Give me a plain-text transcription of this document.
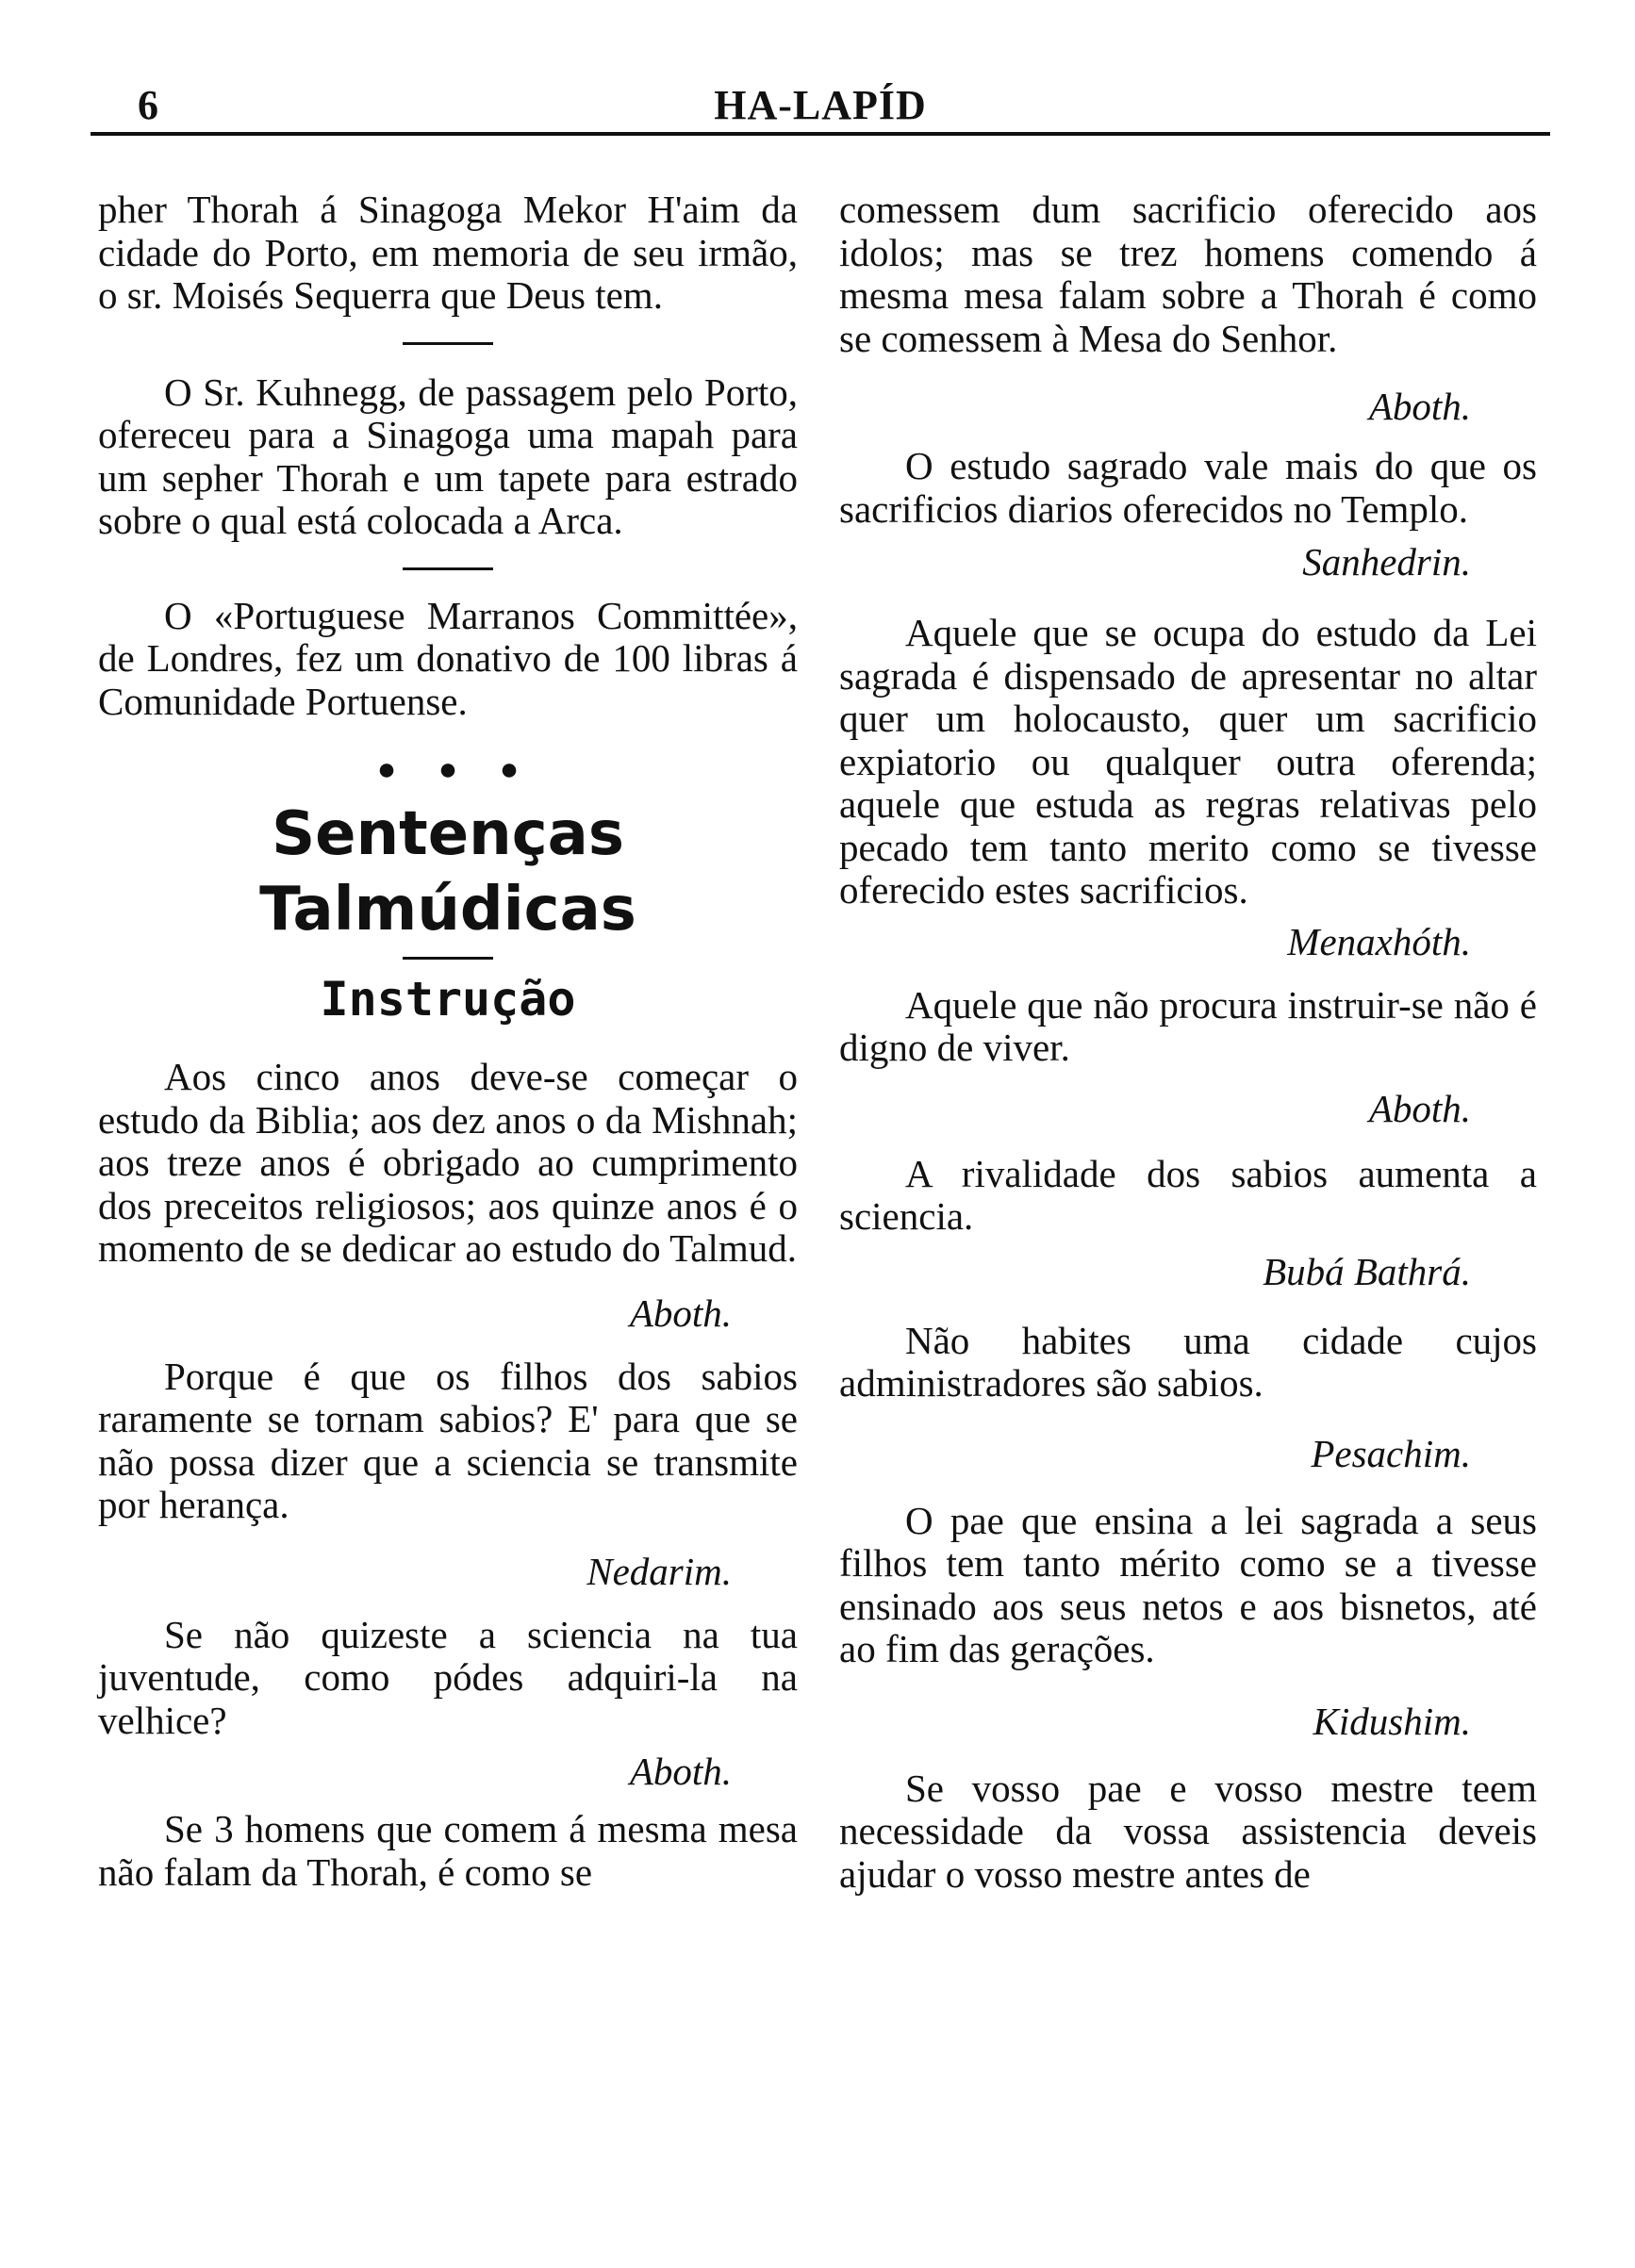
6	HA-LAPÍD

pher Thorah á Sinagoga Mekor H'aim da cidade do Porto, em memoria de seu irmão, o sr. Moisés Sequerra que Deus tem.

O Sr. Kuhnegg, de passagem pelo Porto, ofereceu para a Sinagoga uma mapah para um sepher Thorah e um tapete para estrado sobre o qual está colocada a Arca.

O «Portuguese Marranos Committée», de Londres, fez um donativo de 100 libras á Comunidade Portuense.

● ● ●
Sentenças Talmúdicas
Instrução

Aos cinco anos deve-se começar o estudo da Biblia; aos dez anos o da Mishnah; aos treze anos é obrigado ao cumprimento dos preceitos religiosos; aos quinze anos é o momento de se dedicar ao estudo do Talmud.

Aboth.

Porque é que os filhos dos sabios raramente se tornam sabios? E' para que se não possa dizer que a sciencia se transmite por herança.

Nedarim.

Se não quizeste a sciencia na tua juventude, como pódes adquiri-la na velhice?

Aboth.

Se 3 homens que comem á mesma mesa não falam da Thorah, é como se

comessem dum sacrificio oferecido aos idolos; mas se trez homens comendo á mesma mesa falam sobre a Thorah é como se comessem à Mesa do Senhor.

Aboth.

O estudo sagrado vale mais do que os sacrificios diarios oferecidos no Templo.

Sanhedrin.

Aquele que se ocupa do estudo da Lei sagrada é dispensado de apresentar no altar quer um holocausto, quer um sacrificio expiatorio ou qualquer outra oferenda; aquele que estuda as regras relativas pelo pecado tem tanto merito como se tivesse oferecido estes sacrificios.

Menaxhóth.

Aquele que não procura instruir-se não é digno de viver.

Aboth.

A rivalidade dos sabios aumenta a sciencia.

Bubá Bathrá.

Não habites uma cidade cujos administradores são sabios.

Pesachim.

O pae que ensina a lei sagrada a seus filhos tem tanto mérito como se a tivesse ensinado aos seus netos e aos bisnetos, até ao fim das gerações.

Kidushim.

Se vosso pae e vosso mestre teem necessidade da vossa assistencia deveis ajudar o vosso mestre antes de
